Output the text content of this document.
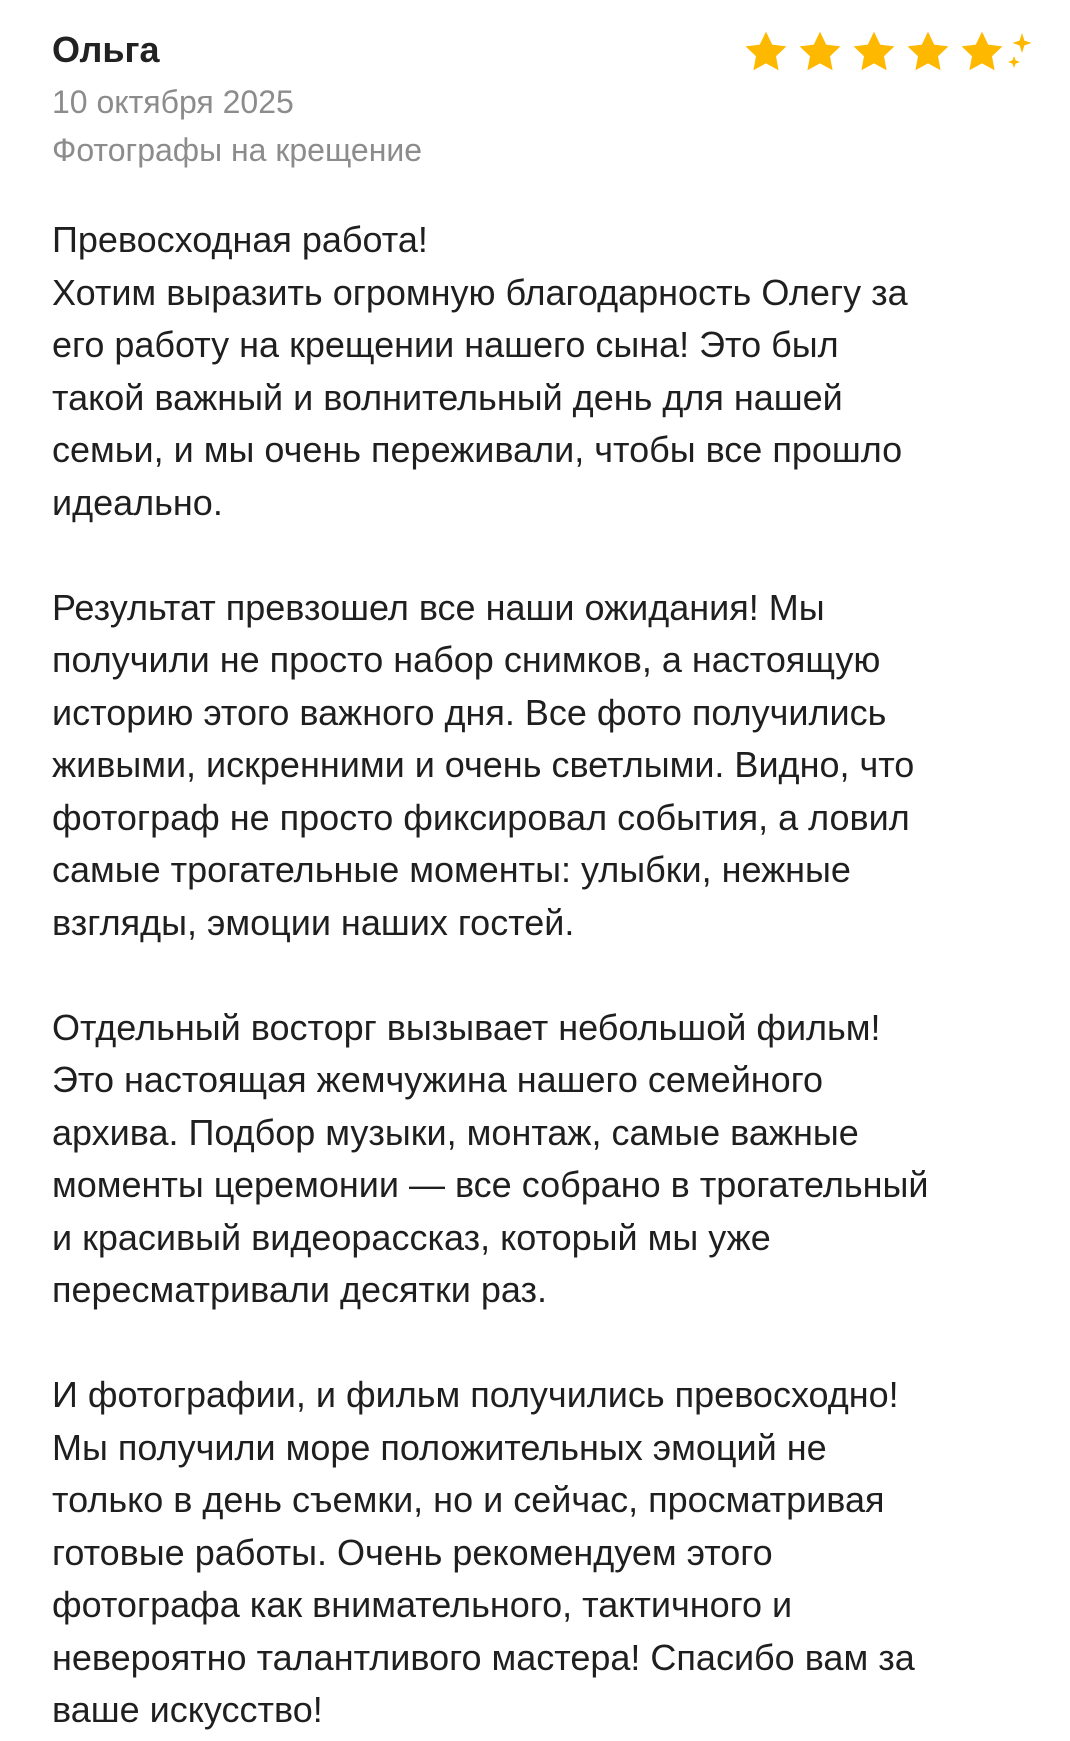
Ольга
10 октября 2025
Фотографы на крещение
Превосходная работа!
Хотим выразить огромную благодарность Олегу за
его работу на крещении нашего сына! Это был
такой важный и волнительный день для нашей
семьи, и мы очень переживали, чтобы все прошло
идеально.
Результат превзошел все наши ожидания! Мы
получили не просто набор снимков, а настоящую
историю этого важного дня. Все фото получились
живыми, искренними и очень светлыми. Видно, что
фотограф не просто фиксировал события, а ловил
самые трогательные моменты: улыбки, нежные
взгляды, эмоции наших гостей.
Отдельный восторг вызывает небольшой фильм!
Это настоящая жемчужина нашего семейного
архива. Подбор музыки, монтаж, самые важные
моменты церемонии — все собрано в трогательный
и красивый видеорассказ, который мы уже
пересматривали десятки раз.
И фотографии, и фильм получились превосходно!
Мы получили море положительных эмоций не
только в день съемки, но и сейчас, просматривая
готовые работы. Очень рекомендуем этого
фотографа как внимательного, тактичного и
невероятно талантливого мастера! Спасибо вам за
ваше искусство!
